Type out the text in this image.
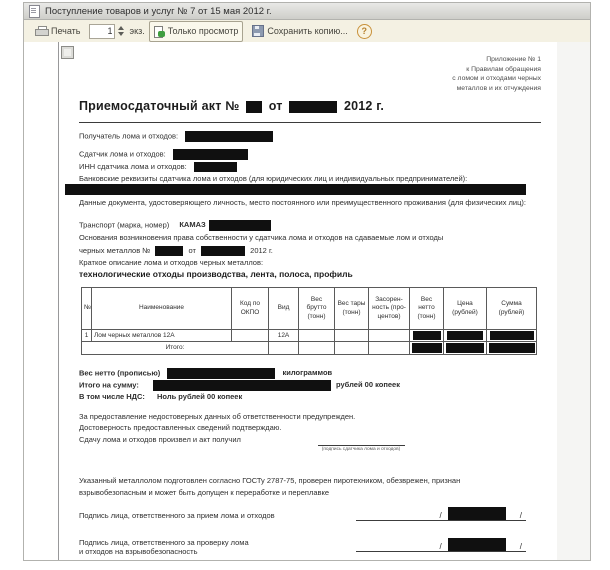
Поступление товаров и услуг № 7 от 15 мая 2012 г.
Печать
1	экз.	Только просмотр	Сохранить копию... ?
Приложение № 1
к Правилам обращения
с ломом и отходами черных
металлов и их отчуждения
Приемосдаточный акт № от	2012 г.
Получатель лома и отходов:
Сдатчик лома и отходов:
ИНН сдатчика лома и отходов:
Банковские реквизиты сдатчика лома и отходов (для юридических лиц и индивидуальных предпринимателей):
Данные документа, удостоверяющего личность, место постоянного или преимущественного проживания (для физических лиц):
Транспорт (марка, номер) КАМАЗ
Основания возникновения права собственности у сдатчика лома и отходов на сдаваемые лом и отходы
черных металлов №	от	2012 г.
Краткое описание лома и отходов черных металлов:
технологические отходы производства, лента, полоса, профиль
№	Наименование	Код по ОКПО	Вид	Вес брутто (тонн)	Вес тары (тонн)	Засоренность (процентов)	Вес нетто (тонн)	Цена (рублей)	Сумма (рублей)
1	Лом черных металлов 12А		12А						
Итого:									
Вес нетто (прописью)	килограммов
Итого на сумму:	рублей 00 копеек
В том числе НДС: Ноль рублей 00 копеек
За предоставление недостоверных данных об ответственности предупрежден.
Достоверность предоставленных сведений подтверждаю.
Сдачу лома и отходов произвел и акт получил
(подпись сдатчика лома и отходов)
Указанный металлолом подготовлен согласно ГОСТу 2787-75, проверен пиротехником, обезврежен, признан
взрывобезопасным и может быть допущен к переработке и переплавке
Подпись лица, ответственного за прием лома и отходов	/	/
Подпись лица, ответственного за проверку лома
и отходов на взрывобезопасность
/	/
